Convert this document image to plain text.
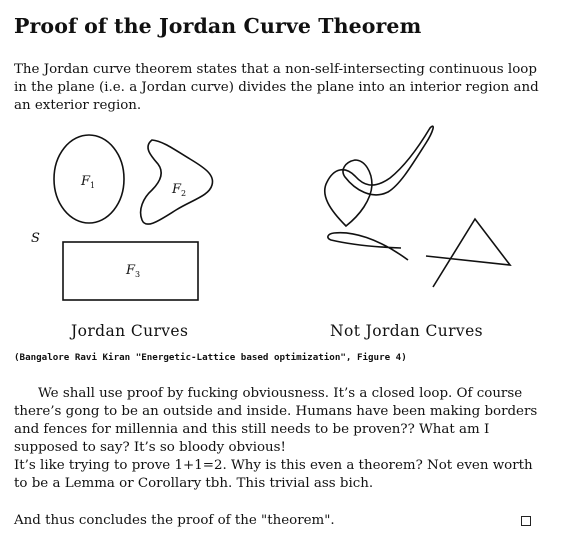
Proof of the Jordan Curve Theorem

The Jordan curve theorem states that a non-self-intersecting continuous loop in the plane (i.e. a Jordan curve) divides the plane into an interior region and an exterior region.

S
$F_1$	$F_2$
$F_3$
Jordan Curves	Not Jordan Curves
(Bangalore Ravi Kiran "Energetic-Lattice based optimization", Figure 4)

We shall use proof by fucking obviousness. It’s a closed loop. Of course there’s gong to be an outside and inside. Humans have been making borders and fences for millennia and this still needs to be proven?? What am I supposed to say? It’s so bloody obvious!

It’s like trying to prove 1+1=2. Why is this even a theorem? Not even worth to be a Lemma or Corollary tbh. This trivial ass bich.

And thus concludes the proof of the "theorem".
